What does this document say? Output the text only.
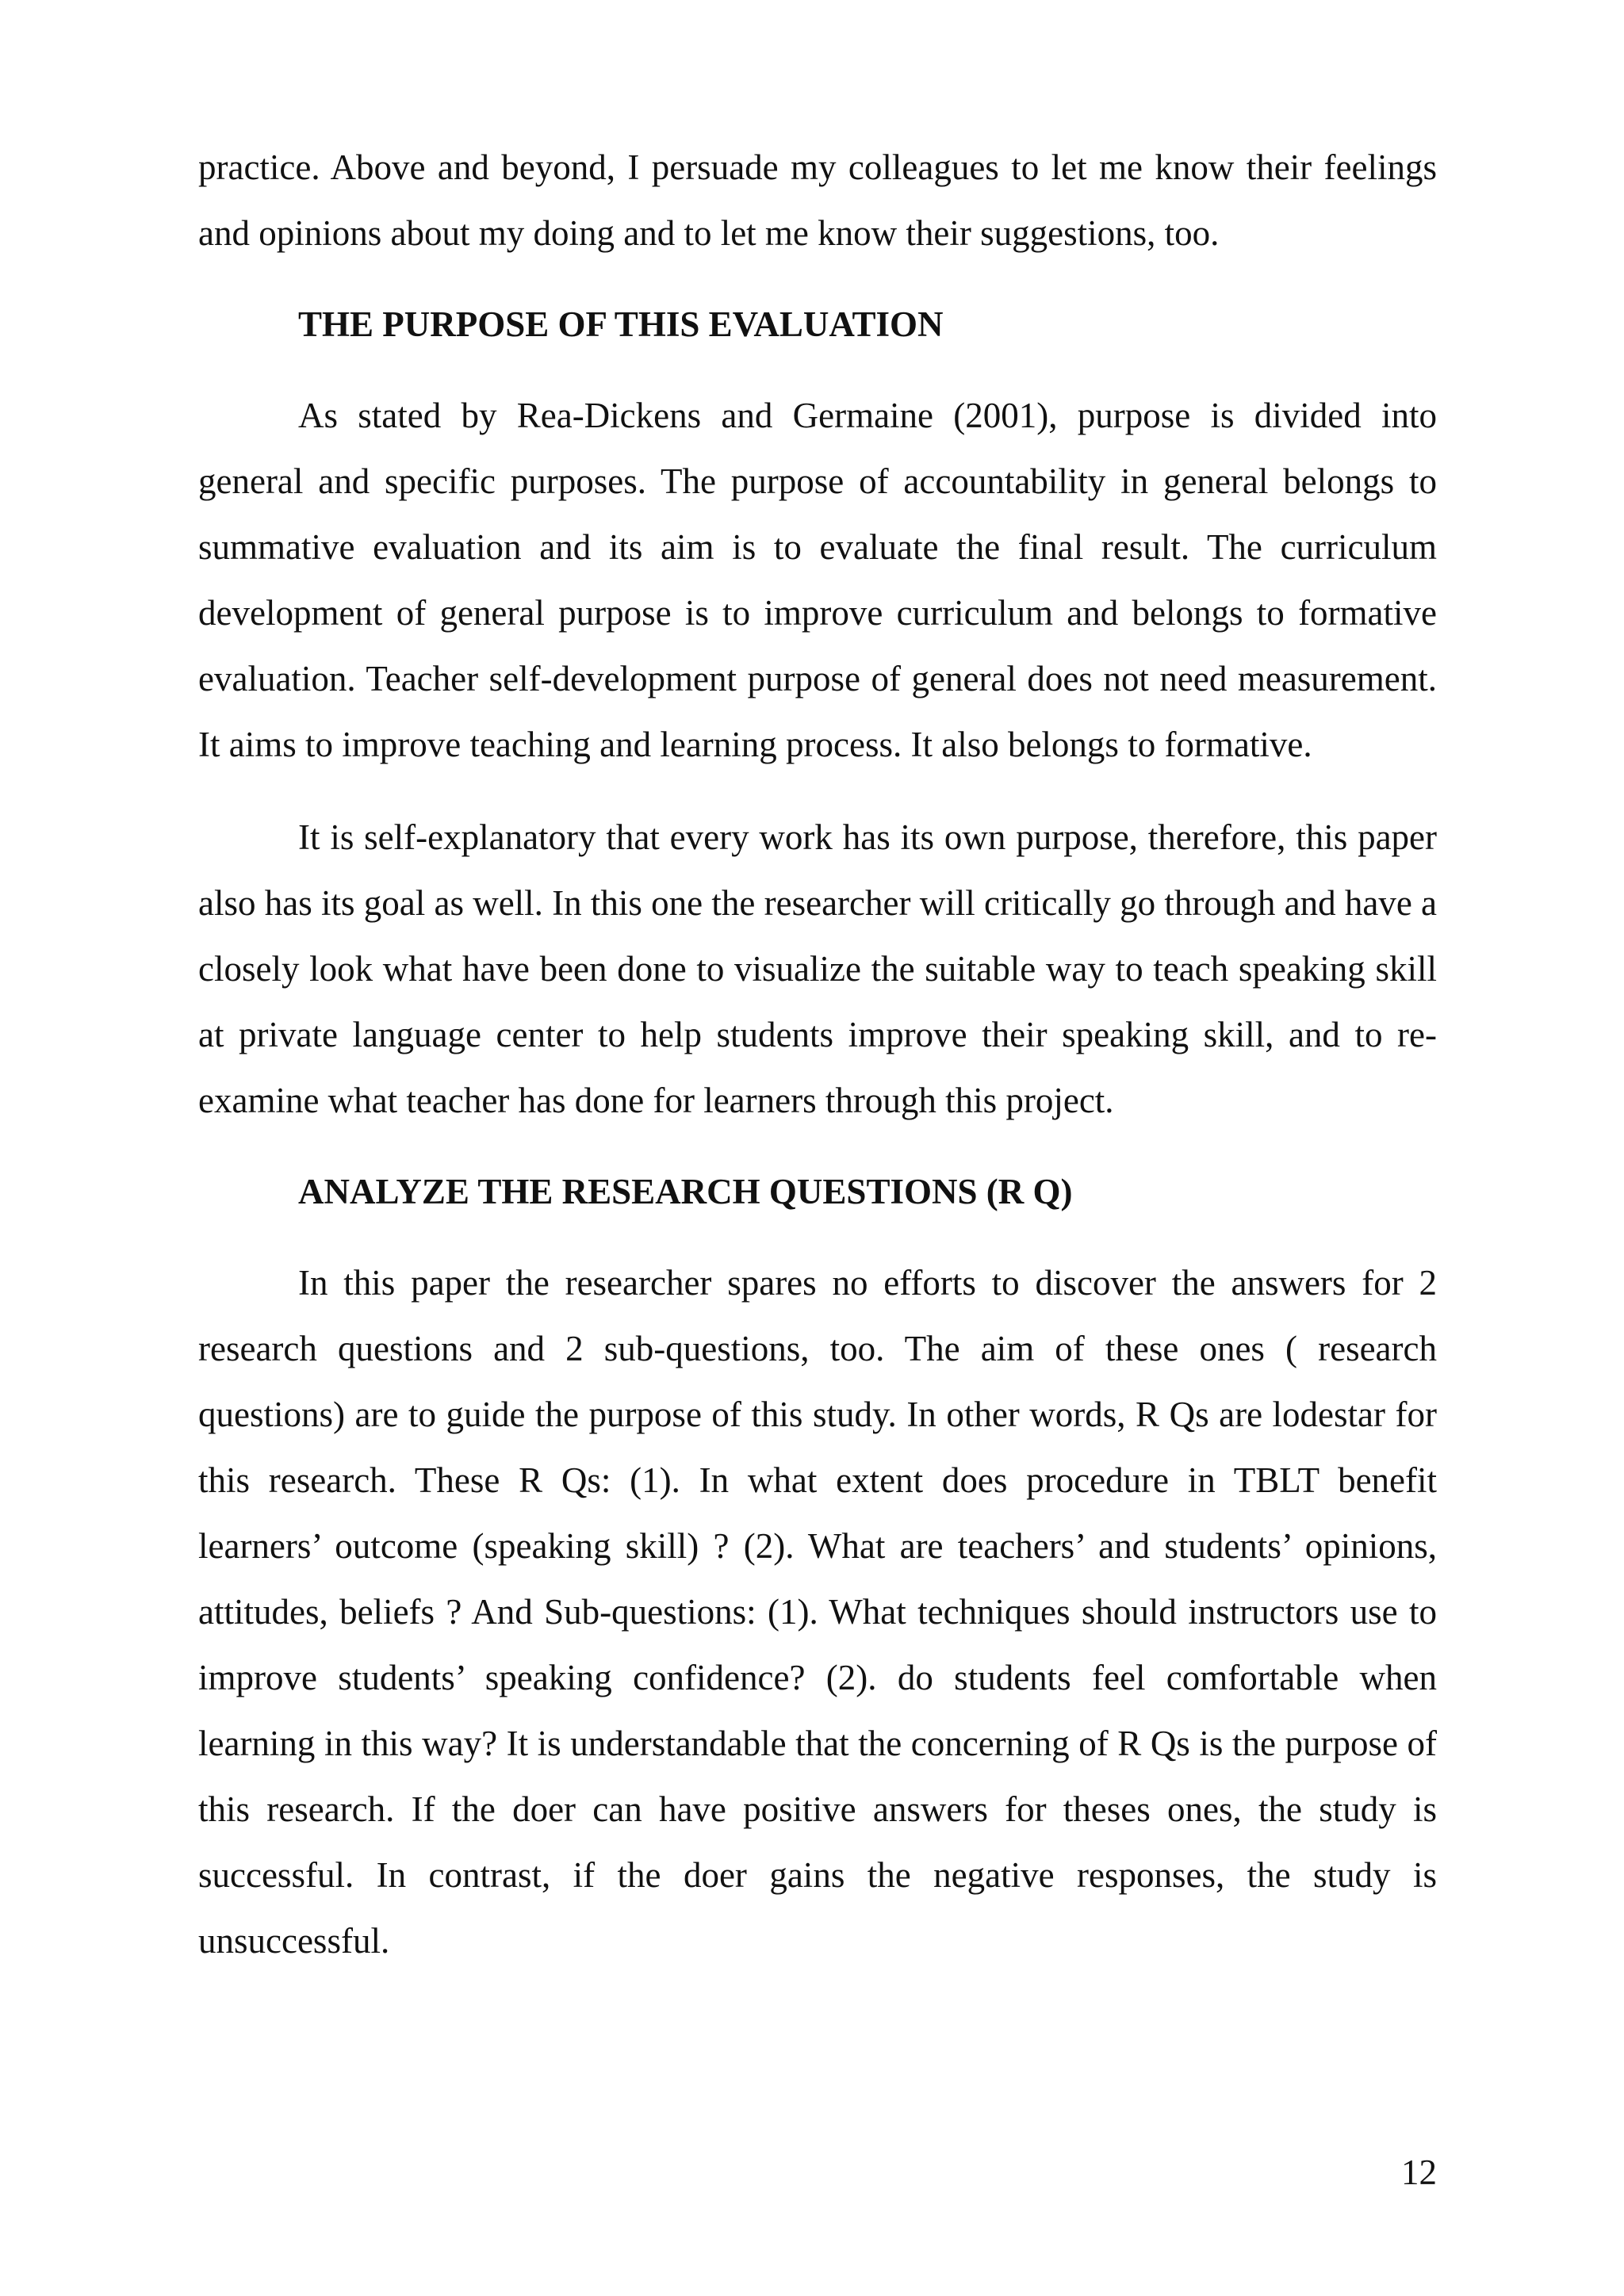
practice. Above and beyond, I persuade my colleagues to let me know their feelings and opinions about my doing and to let me know their suggestions, too.

THE PURPOSE OF THIS EVALUATION

As stated by Rea-Dickens and Germaine (2001), purpose is divided into general and specific purposes. The purpose of accountability in general belongs to summative evaluation and its aim is to evaluate the final result. The curriculum development of general purpose is to improve curriculum and belongs to formative evaluation. Teacher self-development purpose of general does not need measurement. It aims to improve teaching and learning process. It also belongs to formative.

It is self-explanatory that every work has its own purpose, therefore, this paper also has its goal as well. In this one the researcher will critically go through and have a closely look what have been done to visualize the suitable way to teach speaking skill at private language center to help students improve their speaking skill, and to re-examine what teacher has done for learners through this project.

ANALYZE THE RESEARCH QUESTIONS (R Q)

In this paper the researcher spares no efforts to discover the answers for 2 research questions and 2 sub-questions, too. The aim of these ones ( research questions) are to guide the purpose of this study. In other words, R Qs are lodestar for this research. These R Qs: (1). In what extent does procedure in TBLT benefit learners’ outcome (speaking skill) ? (2). What are teachers’ and students’ opinions, attitudes, beliefs ? And Sub-questions: (1). What techniques should instructors use to improve students’ speaking confidence? (2). do students feel comfortable when learning in this way? It is understandable that the concerning of R Qs is the purpose of this research. If the doer can have positive answers for theses ones, the study is successful. In contrast, if the doer gains the negative responses, the study is unsuccessful.

12
